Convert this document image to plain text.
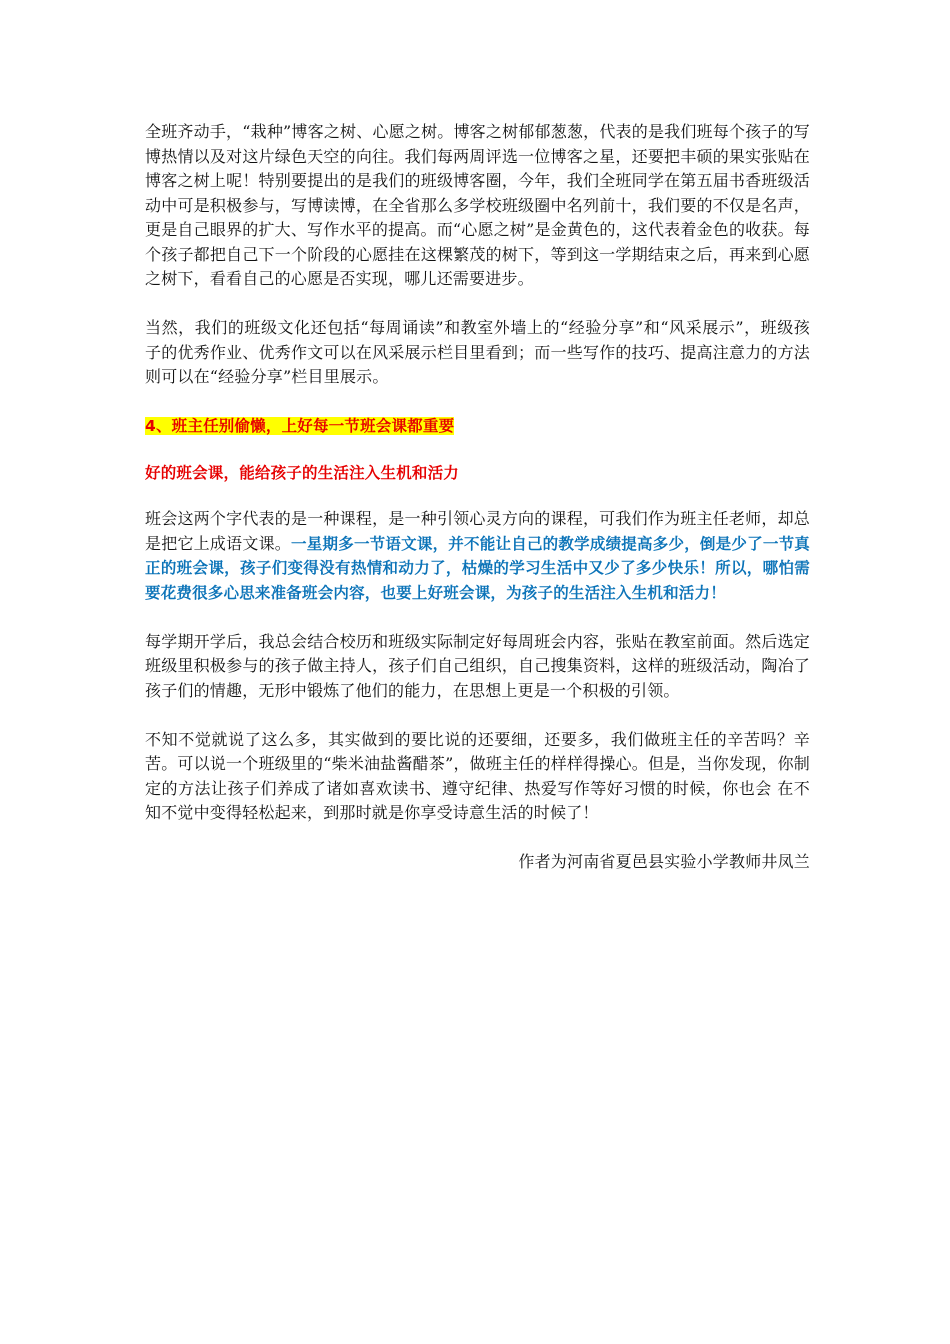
全班齐动手，“栽种”博客之树、心愿之树。博客之树郁郁葱葱，代表的是我们班每个孩子的写博热情以及对这片绿色天空的向往。我们每两周评选一位博客之星，还要把丰硕的果实张贴在博客之树上呢！特别要提出的是我们的班级博客圈，今年，我们全班同学在第五届书香班级活动中可是积极参与，写博读博，在全省那么多学校班级圈中名列前十，我们要的不仅是名声，更是自己眼界的扩大、写作水平的提高。而“心愿之树”是金黄色的，这代表着金色的收获。每个孩子都把自己下一个阶段的心愿挂在这棵繁茂的树下，等到这一学期结束之后，再来到心愿之树下，看看自己的心愿是否实现，哪儿还需要进步。

当然，我们的班级文化还包括“每周诵读”和教室外墙上的“经验分享”和“风采展示”，班级孩子的优秀作业、优秀作文可以在风采展示栏目里看到；而一些写作的技巧、提高注意力的方法则可以在“经验分享”栏目里展示。

4、班主任别偷懒，上好每一节班会课都重要

好的班会课，能给孩子的生活注入生机和活力

班会这两个字代表的是一种课程，是一种引领心灵方向的课程，可我们作为班主任老师，却总是把它上成语文课。一星期多一节语文课，并不能让自己的教学成绩提高多少，倒是少了一节真正的班会课，孩子们变得没有热情和动力了，枯燥的学习生活中又少了多少快乐！所以，哪怕需要花费很多心思来准备班会内容，也要上好班会课，为孩子的生活注入生机和活力！

每学期开学后，我总会结合校历和班级实际制定好每周班会内容，张贴在教室前面。然后选定班级里积极参与的孩子做主持人，孩子们自己组织，自己搜集资料，这样的班级活动，陶冶了孩子们的情趣，无形中锻炼了他们的能力，在思想上更是一个积极的引领。

不知不觉就说了这么多，其实做到的要比说的还要细，还要多，我们做班主任的辛苦吗？辛苦。可以说一个班级里的“柴米油盐酱醋茶”，做班主任的样样得操心。但是，当你发现，你制定的方法让孩子们养成了诸如喜欢读书、遵守纪律、热爱写作等好习惯的时候，你也会 在不知不觉中变得轻松起来，到那时就是你享受诗意生活的时候了！

作者为河南省夏邑县实验小学教师井凤兰
